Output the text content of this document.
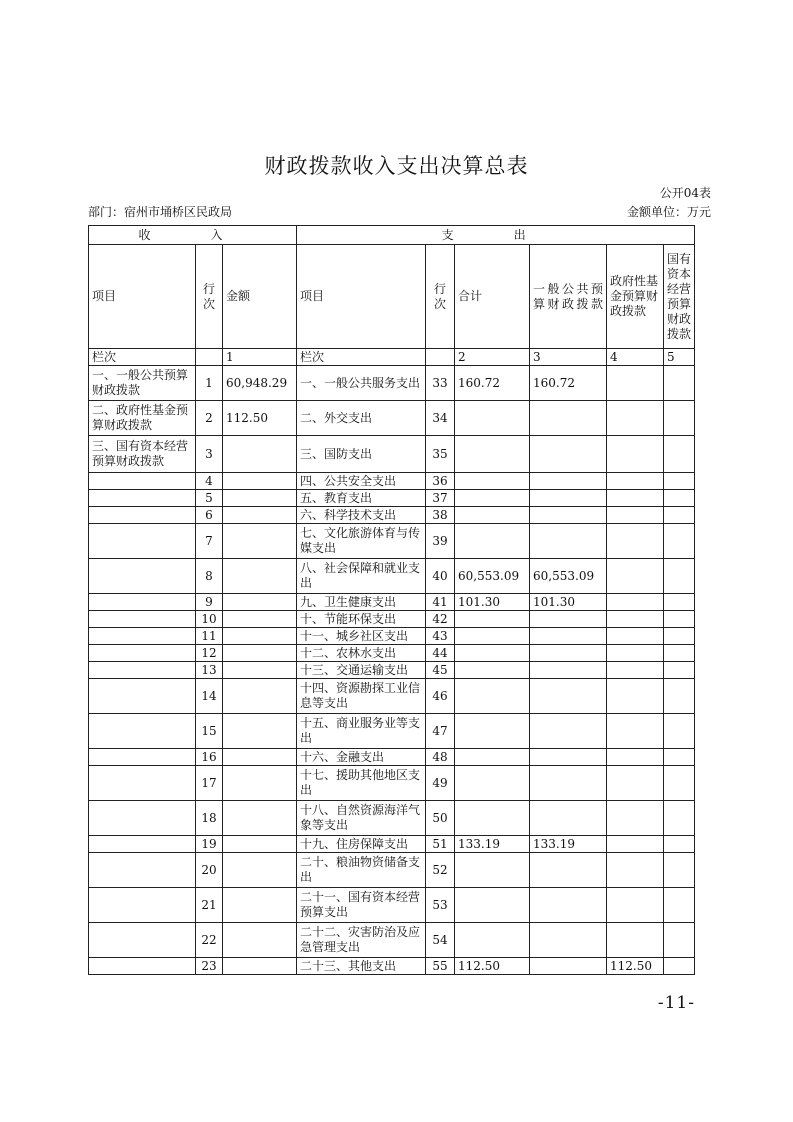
财政拨款收入支出决算总表
公开04表
部门：宿州市埇桥区民政局	金额单位：万元
收　入			支　出					
项目	行次	金额	项目	行次	合计	一般公共预算财政拨款	政府性基金预算财政拨款	国有资本经营预算财政拨款
栏次		1	栏次		2	3	4	5
一、一般公共预算财政拨款	1	60,948.29	一、一般公共服务支出	33	160.72	160.72		
二、政府性基金预算财政拨款	2	112.50	二、外交支出	34				
三、国有资本经营预算财政拨款	3		三、国防支出	35				
	4		四、公共安全支出	36				
	5		五、教育支出	37				
	6		六、科学技术支出	38				
	7		七、文化旅游体育与传媒支出	39				
	8		八、社会保障和就业支出	40	60,553.09	60,553.09		
	9		九、卫生健康支出	41	101.30	101.30		
	10		十、节能环保支出	42				
	11		十一、城乡社区支出	43				
	12		十二、农林水支出	44				
	13		十三、交通运输支出	45				
	14		十四、资源勘探工业信息等支出	46				
	15		十五、商业服务业等支出	47				
	16		十六、金融支出	48				
	17		十七、援助其他地区支出	49				
	18		十八、自然资源海洋气象等支出	50				
	19		十九、住房保障支出	51	133.19	133.19		
	20		二十、粮油物资储备支出	52				
	21		二十一、国有资本经营预算支出	53				
	22		二十二、灾害防治及应急管理支出	54				
	23		二十三、其他支出	55	112.50		112.50	
-11-
